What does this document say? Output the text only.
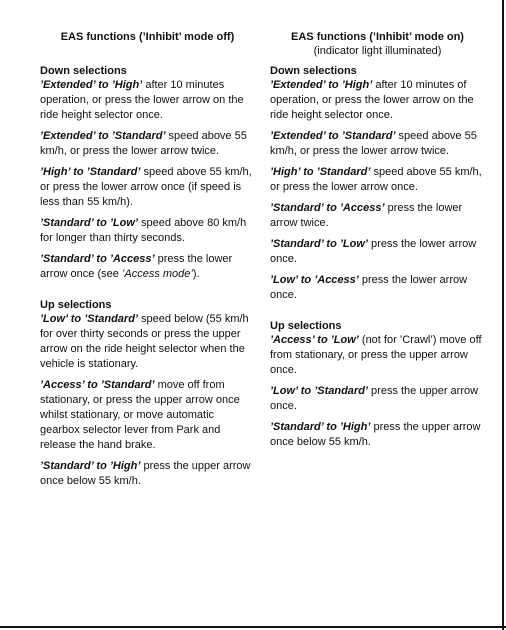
EAS functions (’Inhibit’ mode off)
Down selections

’Extended’ to ’High’ after 10 minutes operation, or press the lower arrow on the ride height selector once.

’Extended’ to ’Standard’ speed above 55 km/h, or press the lower arrow twice.

’High’ to ’Standard’ speed above 55 km/h, or press the lower arrow once (if speed is less than 55 km/h).

’Standard’ to ’Low’ speed above 80 km/h for longer than thirty seconds.

’Standard’ to ’Access’ press the lower arrow once (see ’Access mode’).

Up selections

’Low’ to ’Standard’ speed below (55 km/h for over thirty seconds or press the upper arrow on the ride height selector when the vehicle is stationary.

’Access’ to ’Standard’ move off from stationary, or press the upper arrow once whilst stationary, or move automatic gearbox selector lever from Park and release the hand brake.

’Standard’ to ’High’ press the upper arrow once below 55 km/h.

EAS functions (’Inhibit’ mode on)
(indicator light illuminated)
Down selections

’Extended’ to ’High’ after 10 minutes of operation, or press the lower arrow on the ride height selector once.

’Extended’ to ’Standard’ speed above 55 km/h, or press the lower arrow twice.

’High’ to ’Standard’ speed above 55 km/h, or press the lower arrow once.

’Standard’ to ’Access’ press the lower arrow twice.

’Standard’ to ’Low’ press the lower arrow once.

’Low’ to ’Access’ press the lower arrow once.

Up selections

’Access’ to ’Low’ (not for ’Crawl’) move off from stationary, or press the upper arrow once.

’Low’ to ’Standard’ press the upper arrow once.

’Standard’ to ’High’ press the upper arrow once below 55 km/h.
